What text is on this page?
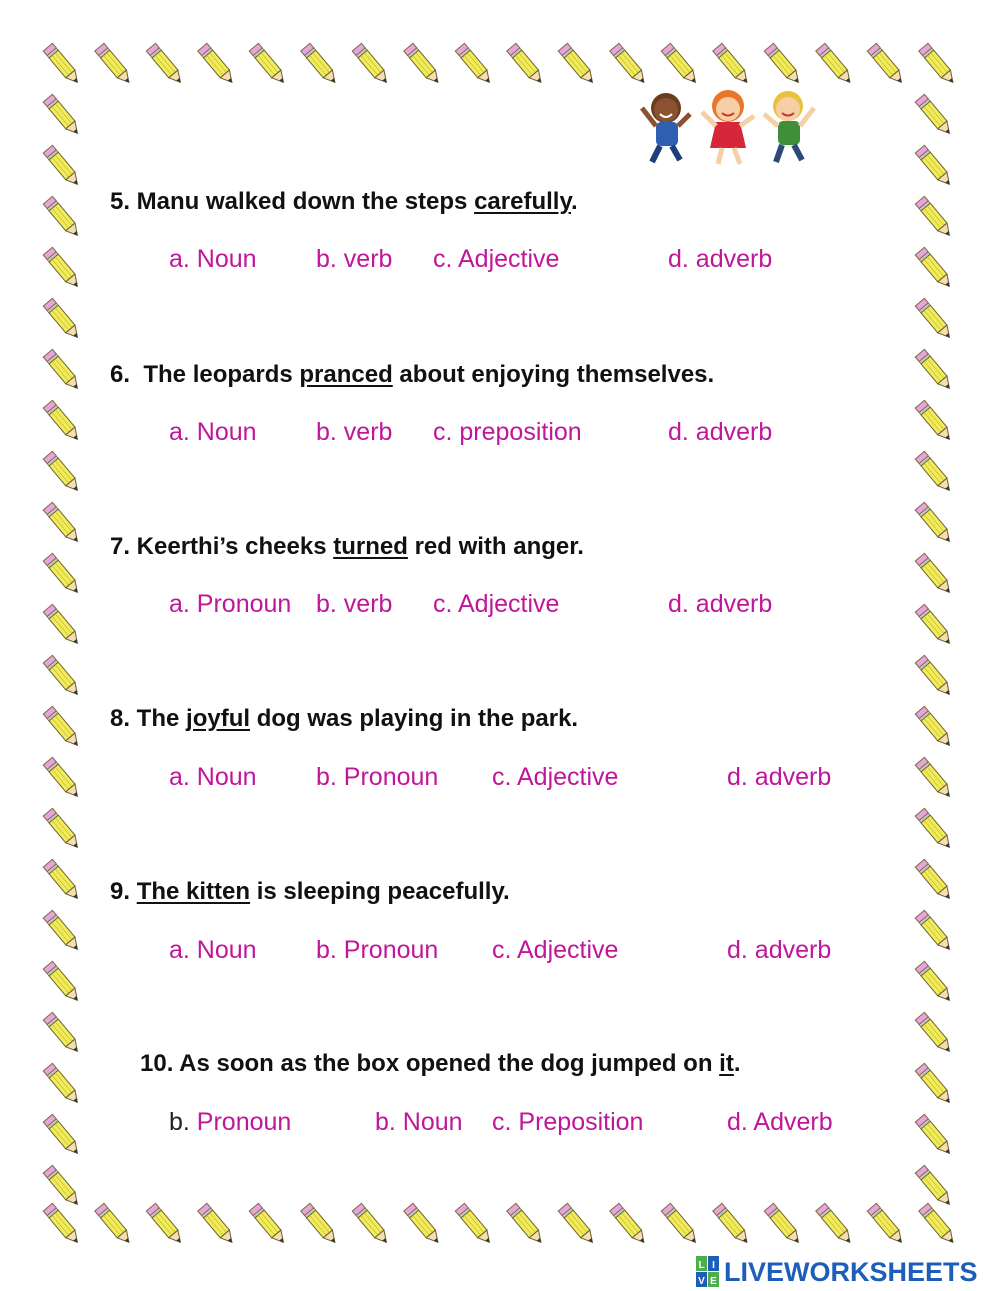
5. Manu walked down the steps carefully.
a. Noun b. verb c. Adjective	d. adverb
6.  The leopards pranced about enjoying themselves.
a. Noun b. verb c. preposition	d. adverb
7. Keerthi’s cheeks turned red with anger.
a. Pronoun b. verb c. Adjective	d. adverb
8. The joyful dog was playing in the park.
a. Noun b. Pronoun c. Adjective	d. adverb
9. The kitten is sleeping peacefully.
a. Noun b. Pronoun c. Adjective	d. adverb
10. As soon as the box opened the dog jumped on it.
b. Pronoun	b. Noun c. Preposition	d. Adverb
L I
V E LIVEWORKSHEETS
